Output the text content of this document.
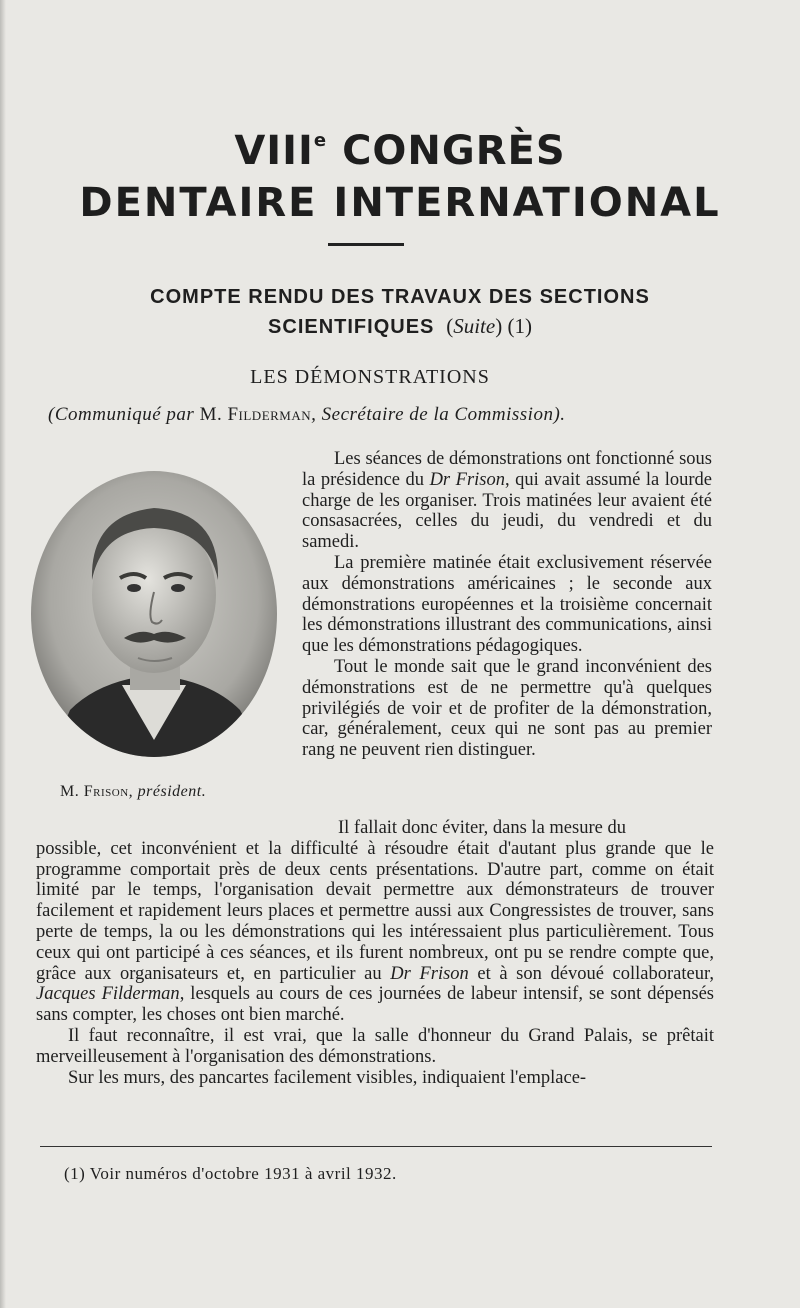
VIIIe CONGRÈS
DENTAIRE INTERNATIONAL
COMPTE RENDU DES TRAVAUX DES SECTIONS
SCIENTIFIQUES  (Suite) (1)
LES DÉMONSTRATIONS
(Communiqué par M. Filderman, Secrétaire de la Commission).
M. Frison, président.

Les séances de démonstrations ont fonctionné sous la présidence du Dr Frison, qui avait assumé la lourde charge de les organiser. Trois matinées leur avaient été consasacrées, celles du jeudi, du vendredi et du samedi.

La première matinée était exclusivement réservée aux démonstrations américaines ; le seconde aux démonstrations européennes et la troisième concernait les démonstrations illustrant des communications, ainsi que les démonstrations pédagogiques.

Tout le monde sait que le grand inconvénient des démonstrations est de ne permettre qu'à quelques privilégiés de voir et de profiter de la démonstration, car, généralement, ceux qui ne sont pas au premier rang ne peuvent rien distinguer.

Il fallait donc éviter, dans la mesure du

possible, cet inconvénient et la difficulté à résoudre était d'autant plus grande que le programme comportait près de deux cents présentations. D'autre part, comme on était limité par le temps, l'organisation devait permettre aux démonstrateurs de trouver facilement et rapidement leurs places et permettre aussi aux Congressistes de trouver, sans perte de temps, la ou les démonstrations qui les intéressaient plus particulièrement. Tous ceux qui ont participé à ces séances, et ils furent nombreux, ont pu se rendre compte que, grâce aux organisateurs et, en particulier au Dr Frison et à son dévoué collaborateur, Jacques Filderman, lesquels au cours de ces journées de labeur intensif, se sont dépensés sans compter, les choses ont bien marché.

Il faut reconnaître, il est vrai, que la salle d'honneur du Grand Palais, se prêtait merveilleusement à l'organisation des démonstrations.

Sur les murs, des pancartes facilement visibles, indiquaient l'emplace-

(1) Voir numéros d'octobre 1931 à avril 1932.
